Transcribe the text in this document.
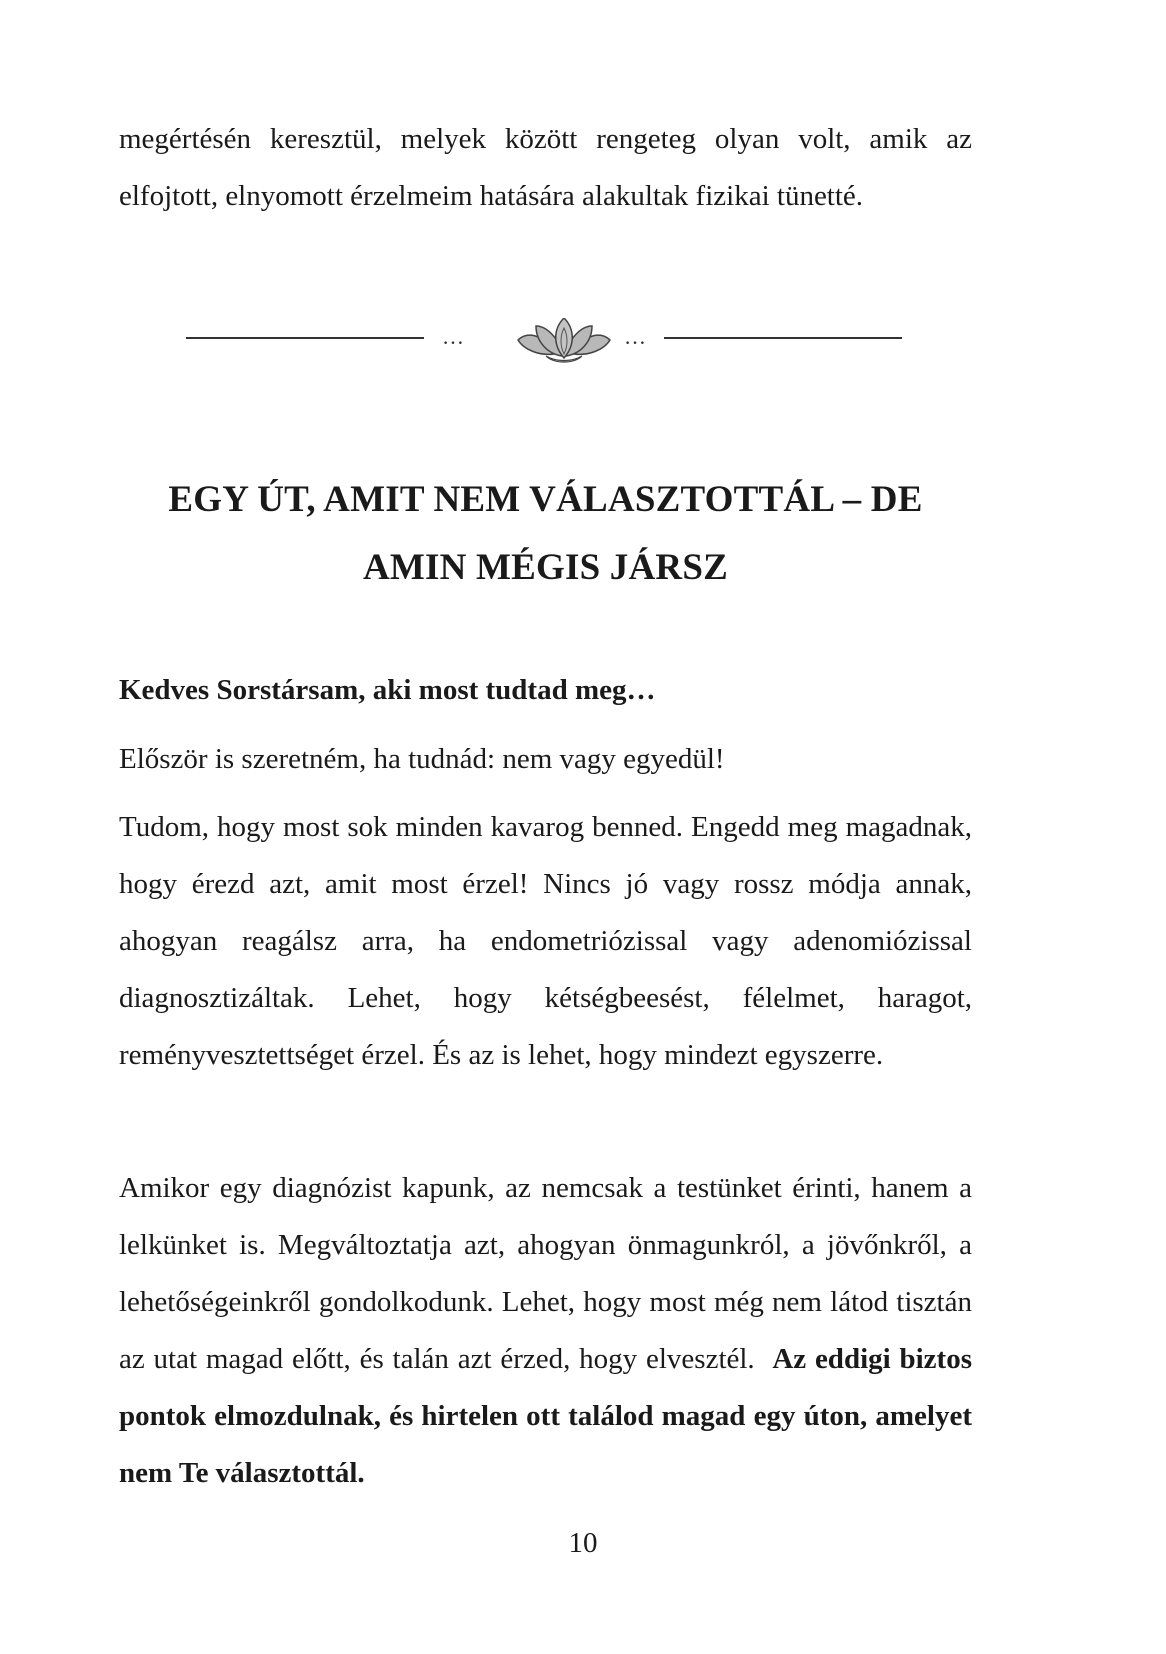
megértésén keresztül, melyek között rengeteg olyan volt, amik az elfojtott, elnyomott érzelmeim hatására alakultak fizikai tünetté.

…	…
EGY ÚT, AMIT NEM VÁLASZTOTTÁL – DE
AMIN MÉGIS JÁRSZ

Kedves Sorstársam, aki most tudtad meg…

Először is szeretném, ha tudnád: nem vagy egyedül!

Tudom, hogy most sok minden kavarog benned. Engedd meg magadnak, hogy érezd azt, amit most érzel! Nincs jó vagy rossz módja annak, ahogyan reagálsz arra, ha endometriózissal vagy adenomiózissal diagnosztizáltak. Lehet, hogy kétségbeesést, félelmet, haragot, reményvesztettséget érzel. És az is lehet, hogy mindezt egyszerre.

Amikor egy diagnózist kapunk, az nemcsak a testünket érinti, hanem a lelkünket is. Megváltoztatja azt, ahogyan önmagunkról, a jövőnkről, a lehetőségeinkről gondolkodunk. Lehet, hogy most még nem látod tisztán az utat magad előtt, és talán azt érzed, hogy elvesztél.  Az eddigi biztos pontok elmozdulnak, és hirtelen ott találod magad egy úton, amelyet nem Te választottál.

10
